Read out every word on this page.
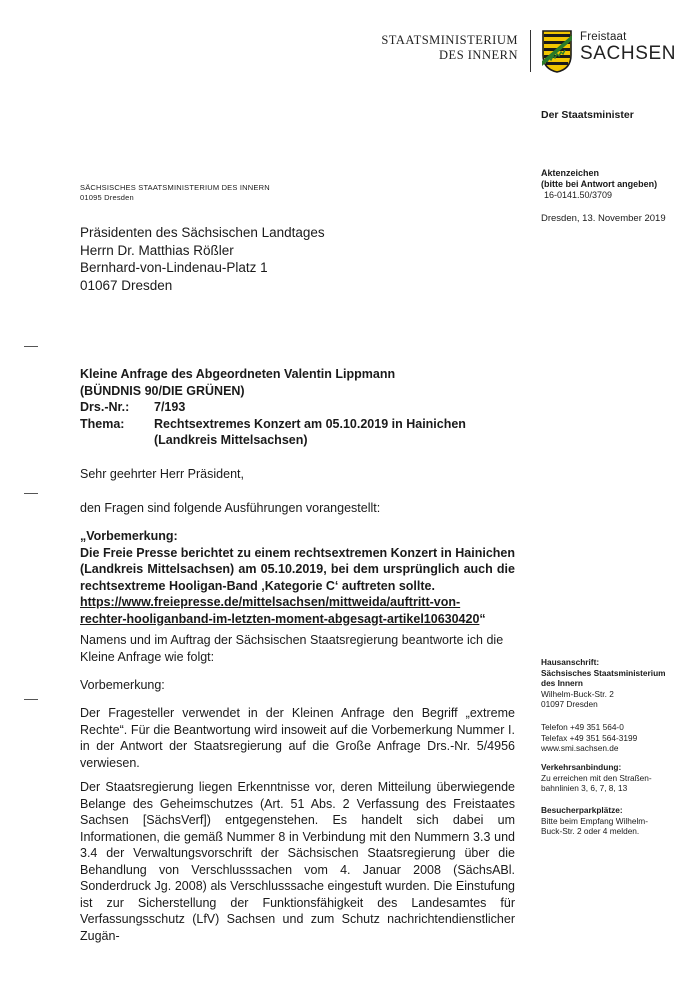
STAATSMINISTERIUM
DES INNERN
Freistaat
SACHSEN
Der Staatsminister
Aktenzeichen
(bitte bei Antwort angeben)
16-0141.50/3709
Dresden, 13. November 2019
SÄCHSISCHES STAATSMINISTERIUM DES INNERN
01095 Dresden
Präsidenten des Sächsischen Landtages
Herrn Dr. Matthias Rößler
Bernhard-von-Lindenau-Platz 1
01067 Dresden
Kleine Anfrage des Abgeordneten Valentin Lippmann
(BÜNDNIS 90/DIE GRÜNEN)
Drs.-Nr.:	7/193
Thema:	Rechtsextremes Konzert am 05.10.2019 in Hainichen (Landkreis Mittelsachsen)
Sehr geehrter Herr Präsident,
den Fragen sind folgende Ausführungen vorangestellt:
„Vorbemerkung:
Die Freie Presse berichtet zu einem rechtsextremen Konzert in Hainichen (Landkreis Mittelsachsen) am 05.10.2019, bei dem ursprünglich auch die rechtsextreme Hooligan-Band ‚Kategorie C‘ auftreten sollte.
https://www.freiepresse.de/mittelsachsen/mittweida/auftritt-von-
rechter-hooliganband-im-letzten-moment-abgesagt-artikel10630420“
Namens und im Auftrag der Sächsischen Staatsregierung beantworte ich die Kleine Anfrage wie folgt:
Vorbemerkung:
Der Fragesteller verwendet in der Kleinen Anfrage den Begriff „extreme Rechte“. Für die Beantwortung wird insoweit auf die Vorbemerkung Nummer I. in der Antwort der Staatsregierung auf die Große Anfrage Drs.-Nr. 5/4956 verwiesen.
Der Staatsregierung liegen Erkenntnisse vor, deren Mitteilung überwiegende Belange des Geheimschutzes (Art. 51 Abs. 2 Verfassung des Freistaates Sachsen [SächsVerf]) entgegenstehen. Es handelt sich dabei um Informationen, die gemäß Nummer 8 in Verbindung mit den Nummern 3.3 und 3.4 der Verwaltungsvorschrift der Sächsischen Staatsregierung über die Behandlung von Verschlusssachen vom 4. Januar 2008 (SächsABl. Sonderdruck Jg. 2008) als Verschlusssache eingestuft wurden. Die Einstufung ist zur Sicherstellung der Funktionsfähigkeit des Landesamtes für Verfassungsschutz (LfV) Sachsen und zum Schutz nachrichtendienstlicher Zugän-
Hausanschrift:
Sächsisches Staatsministerium
des Innern
Wilhelm-Buck-Str. 2
01097 Dresden
Telefon +49 351 564-0
Telefax +49 351 564-3199
www.smi.sachsen.de
Verkehrsanbindung:
Zu erreichen mit den Straßen-
bahnlinien 3, 6, 7, 8, 13
Besucherparkplätze:
Bitte beim Empfang Wilhelm-
Buck-Str. 2 oder 4 melden.
